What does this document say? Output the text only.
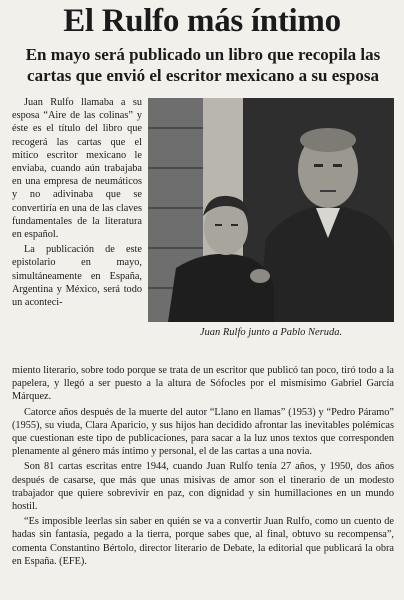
El Rulfo más íntimo
En mayo será publicado un libro que recopila las cartas que envió el escritor mexicano a su esposa

Juan Rulfo llamaba a su esposa “Aire de las colinas” y éste es el título del libro que recogerá las cartas que el mítico escritor mexicano le enviaba, cuando aún trabajaba en una empresa de neumáticos y no adivinaba que se convertiría en una de las claves fundamentales de la literatura en español.

La publicación de este epistolario en mayo, simultáneamente en España, Argentina y México, será todo un aconteci-

Juan Rulfo junto a Pablo Neruda.

miento literario, sobre todo porque se trata de un escritor que publicó tan poco, tiró todo a la papelera, y llegó a ser puesto a la altura de Sófocles por el mismísimo Gabriel García Márquez.

Catorce años después de la muerte del autor “Llano en llamas” (1953) y “Pedro Páramo” (1955), su viuda, Clara Aparicio, y sus hijos han decidido afrontar las inevitables polémicas que cuestionan este tipo de publicaciones, para sacar a la luz unos textos que corresponden plenamente al género más íntimo y personal, el de las cartas a una novia.

Son 81 cartas escritas entre 1944, cuando Juan Rulfo tenía 27 años, y 1950, dos años después de casarse, que más que unas misivas de amor son el tinerario de un modesto trabajador que quiere sobrevivir en paz, con dignidad y sin humillaciones en un mundo hostil.

“Es imposible leerlas sin saber en quién se va a convertir Juan Rulfo, como un cuento de hadas sin fantasía, pegado a la tierra, porque sabes que, al final, obtuvo su recompensa”, comenta Constantino Bértolo, director literario de Debate, la editorial que publicará la obra en España. (EFE).
